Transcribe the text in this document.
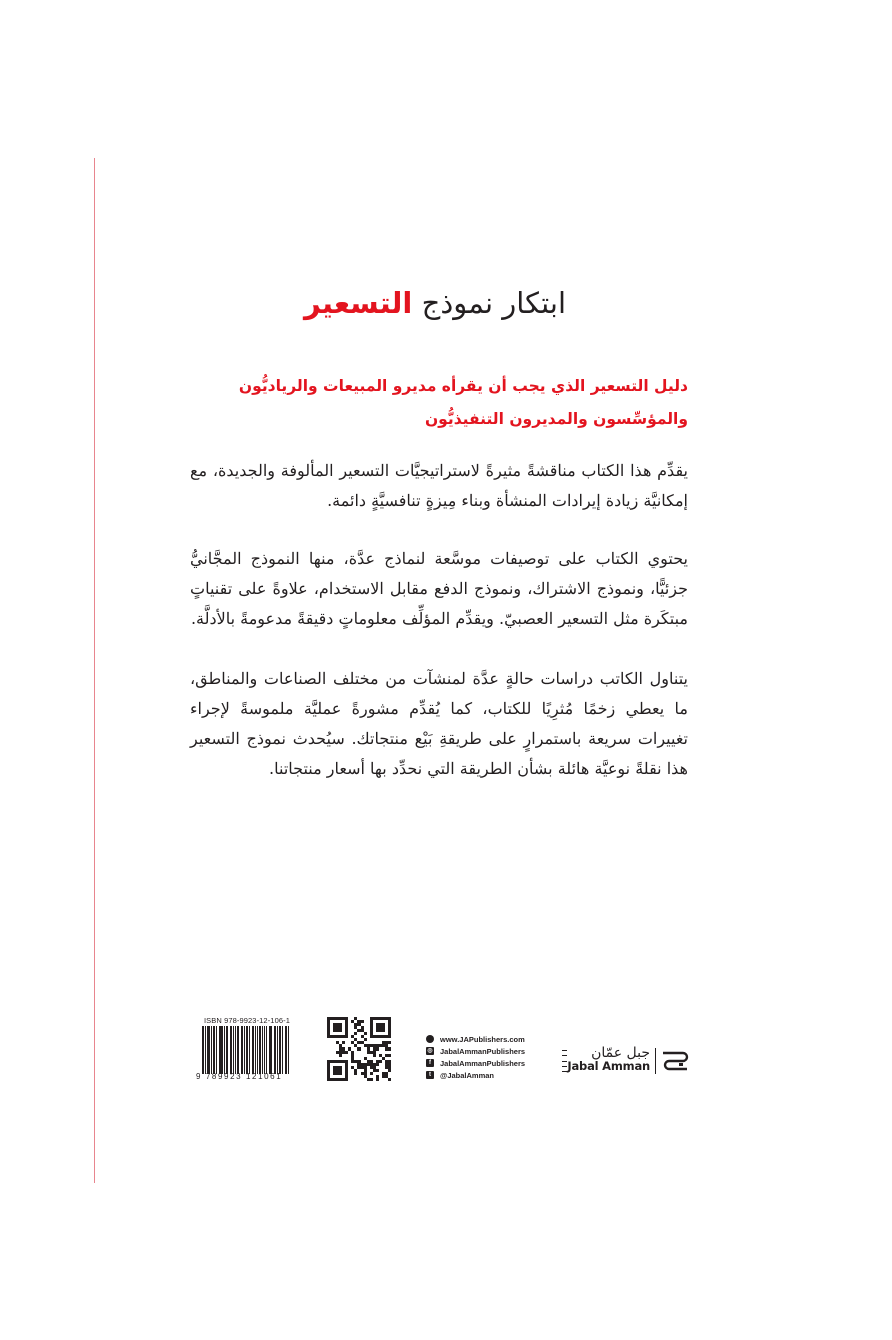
ابتكار نموذج التسعير
دليل التسعير الذي يجب أن يقرأه مديرو المبيعات والرياديُّون والمؤسِّسون والمديرون التنفيذيُّون

يقدِّم هذا الكتاب مناقشةً مثيرةً لاستراتيجيَّات التسعير المألوفة والجديدة، مع إمكانيَّة زيادة إيرادات المنشأة وبناء مِيزةٍ تنافسيَّةٍ دائمة.

يحتوي الكتاب على توصيفات موسَّعة لنماذج عدَّة، منها النموذج المجَّانيُّ جزئيًّا، ونموذج الاشتراك، ونموذج الدفع مقابل الاستخدام، علاوةً على تقنياتٍ مبتكَرة مثل التسعير العصبيّ. ويقدِّم المؤلِّف معلوماتٍ دقيقةً مدعومةً بالأدلَّة.

يتناول الكاتب دراسات حالةٍ عدَّة لمنشآت من مختلف الصناعات والمناطق، ما يعطي زخمًا مُثرِيًا للكتاب، كما يُقدِّم مشورةً عمليَّة ملموسةً لإجراء تغييرات سريعة باستمرارٍ على طريقةِ بَيْع منتجاتك. سيُحدث نموذج التسعير هذا نقلةً نوعيَّة هائلة بشأن الطريقة التي نحدِّد بها أسعار منتجاتنا.

ISBN 978-9923-12-106-1
9 789923 121061
www.JAPublishers.com
◎ JabalAmmanPublishers
f	JabalAmmanPublishers
t	@JabalAmman
جبل عمّان
Jabal Amman
